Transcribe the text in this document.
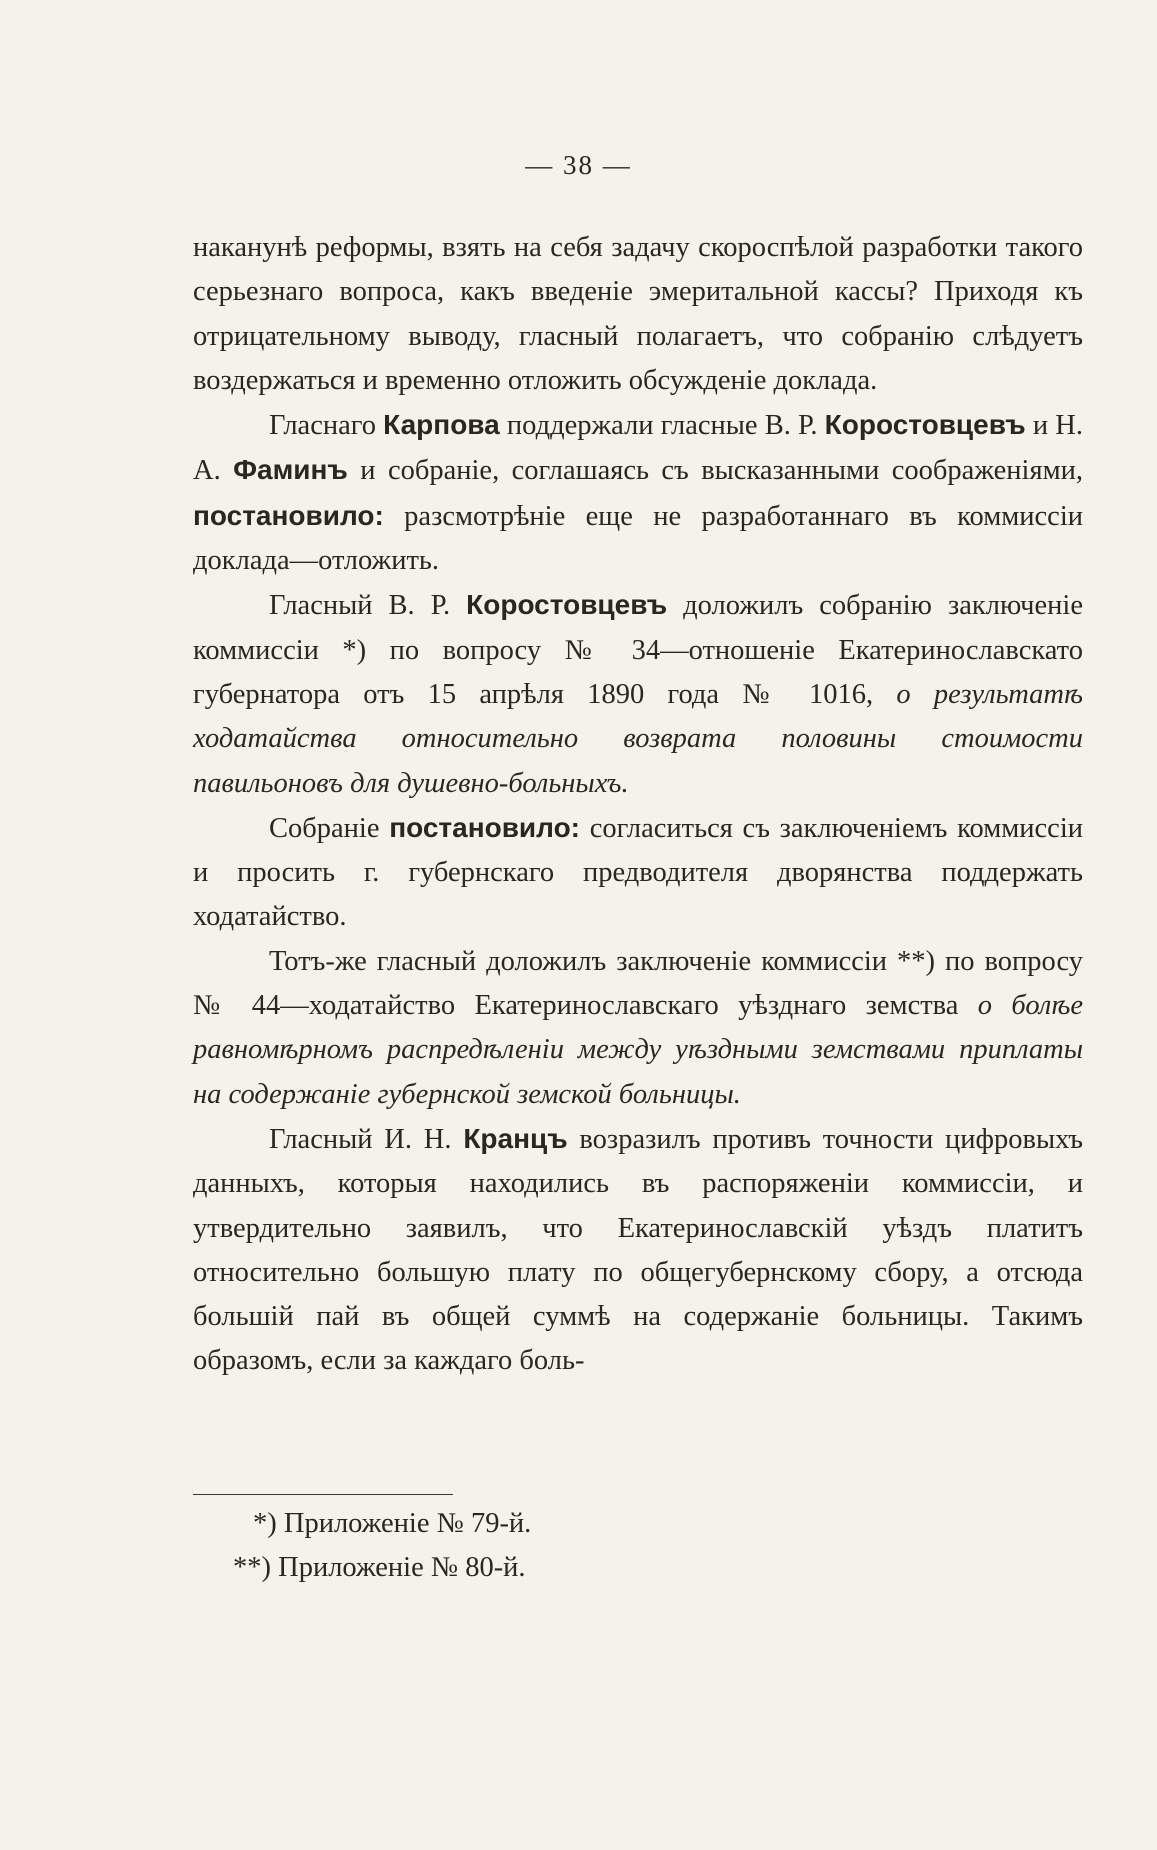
— 38 —

наканунѣ реформы, взять на себя задачу скороспѣлой разработки такого серьезнаго вопроса, какъ введеніе эмеритальной кассы? Приходя къ отрицательному выводу, гласный полагаетъ, что собранію слѣдуетъ воздержаться и временно отложить обсужденіе доклада.

Гласнаго Карпова поддержали гласные В. Р. Коростовцевъ и Н. А. Фаминъ и собраніе, соглашаясь съ высказанными соображеніями, постановило: разсмотрѣніе еще не разработаннаго въ коммиссіи доклада—отложить.

Гласный В. Р. Коростовцевъ доложилъ собранію заключеніе коммиссіи *) по вопросу № 34—отношеніе Екатеринославскато губернатора отъ 15 апрѣля 1890 года № 1016, о результатѣ ходатайства относительно возврата половины стоимости павильоновъ для душевно-больныхъ.

Собраніе постановило: согласиться съ заключеніемъ коммиссіи и просить г. губернскаго предводителя дворянства поддержать ходатайство.

Тотъ-же гласный доложилъ заключеніе коммиссіи **) по вопросу № 44—ходатайство Екатеринославскаго уѣзднаго земства о болѣе равномѣрномъ распредѣленіи между уѣздными земствами приплаты на содержаніе губернской земской больницы.

Гласный И. Н. Кранцъ возразилъ противъ точности цифровыхъ данныхъ, которыя находились въ распоряженіи коммиссіи, и утвердительно заявилъ, что Екатеринославскій уѣздъ платитъ относительно большую плату по общегубернскому сбору, а отсюда большій пай въ общей суммѣ на содержаніе больницы. Такимъ образомъ, если за каждаго боль-

*) Приложеніе № 79-й.
**) Приложеніе № 80-й.
